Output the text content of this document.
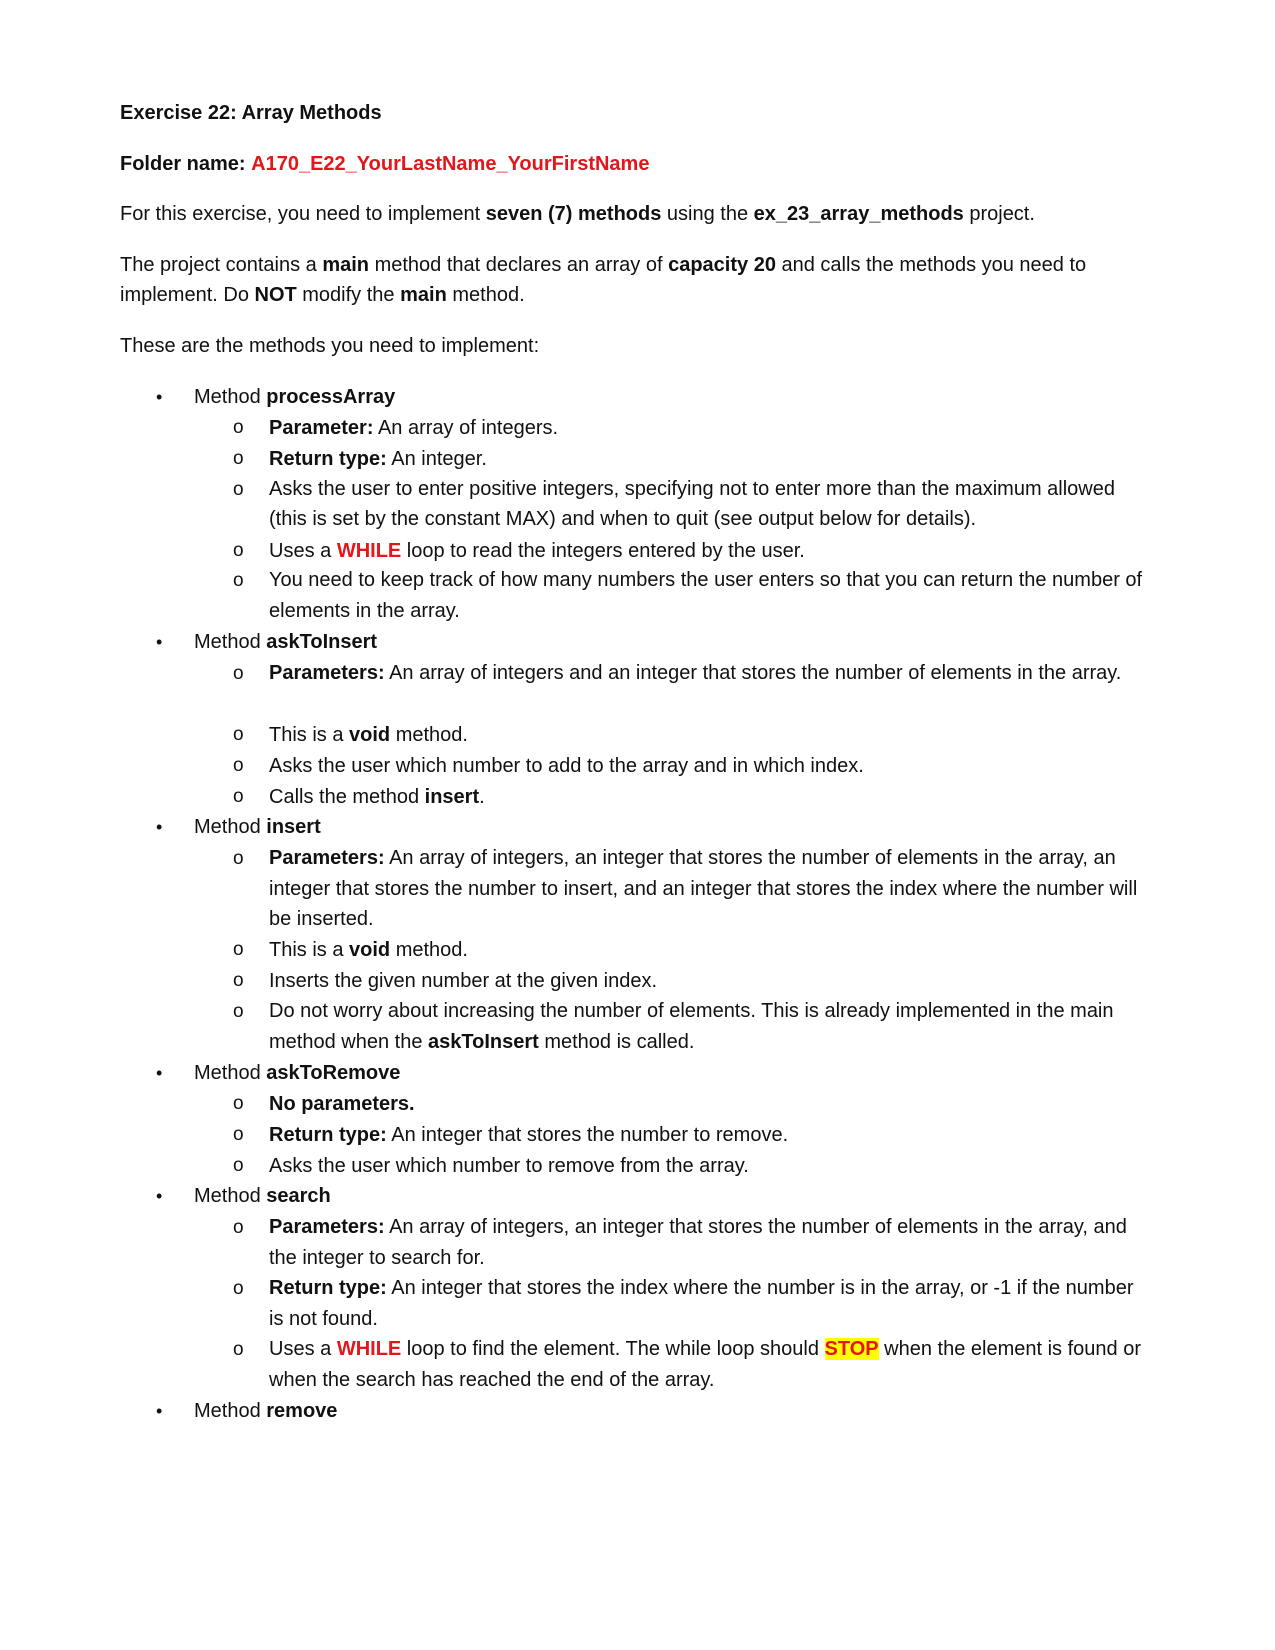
Exercise 22: Array Methods
Folder name: A170_E22_YourLastName_YourFirstName
For this exercise, you need to implement seven (7) methods using the ex_23_array_methods project.
The project contains a main method that declares an array of capacity 20 and calls the methods you need to implement. Do NOT modify the main method.
These are the methods you need to implement:
• Method processArray
o Parameter: An array of integers.
o Return type: An integer.
o Asks the user to enter positive integers, specifying not to enter more than the maximum allowed (this is set by the constant MAX) and when to quit (see output below for details).
o Uses a WHILE loop to read the integers entered by the user.
o You need to keep track of how many numbers the user enters so that you can return the number of elements in the array.
• Method askToInsert
o Parameters: An array of integers and an integer that stores the number of elements in the array.
o This is a void method.
o Asks the user which number to add to the array and in which index.
o Calls the method insert.
• Method insert
o Parameters: An array of integers, an integer that stores the number of elements in the array, an integer that stores the number to insert, and an integer that stores the index where the number will be inserted.
o This is a void method.
o Inserts the given number at the given index.
o Do not worry about increasing the number of elements. This is already implemented in the main method when the askToInsert method is called.
• Method askToRemove
o No parameters.
o Return type: An integer that stores the number to remove.
o Asks the user which number to remove from the array.
• Method search
o Parameters: An array of integers, an integer that stores the number of elements in the array, and the integer to search for.
o Return type: An integer that stores the index where the number is in the array, or -1 if the number is not found.
o Uses a WHILE loop to find the element. The while loop should STOP when the element is found or when the search has reached the end of the array.
• Method remove
